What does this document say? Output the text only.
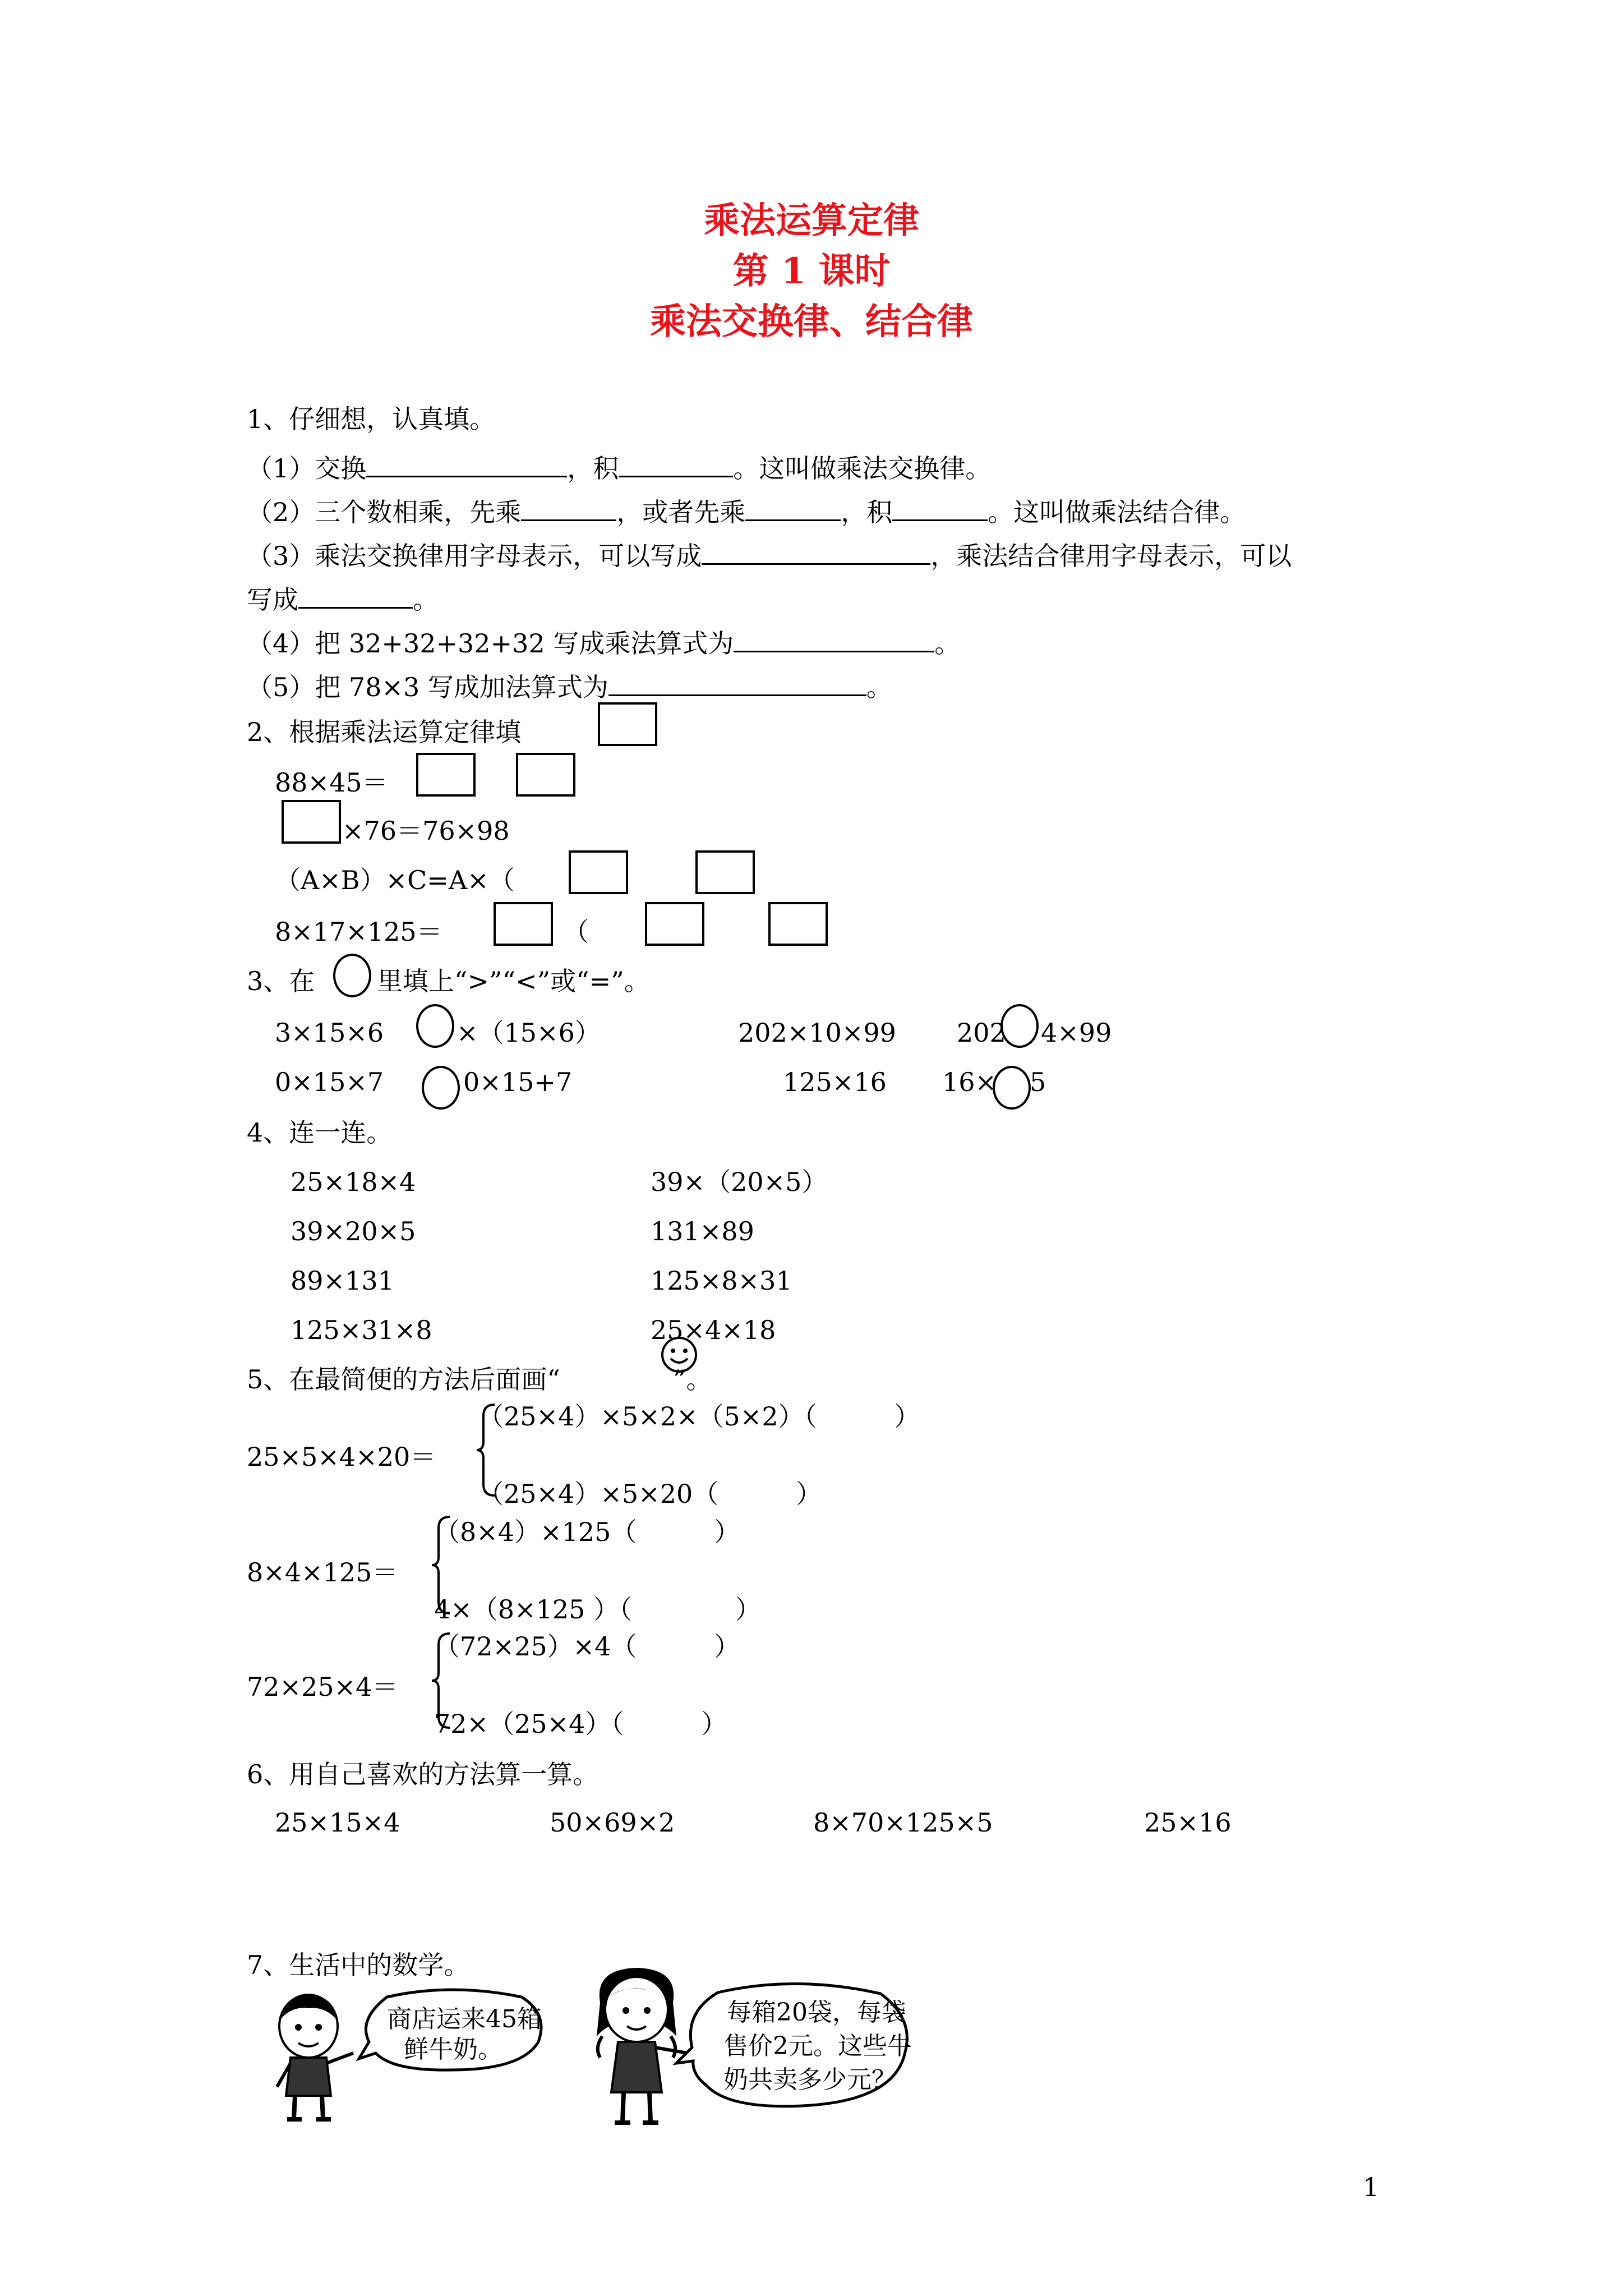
乘法运算定律
第 1 课时
乘法交换律、结合律
1、仔细想，认真填。
（1）交换	，积	。这叫做乘法交换律。
（2）三个数相乘，先乘	，或者先乘	，积	。这叫做乘法结合律。
（3）乘法交换律用字母表示，可以写成	，乘法结合律用字母表示，可以
写成	。
（4）把 32+32+32+32 写成乘法算式为	。
（5）把 78×3 写成加法算式为	。
2、根据乘法运算定律填
88×45＝
×76＝76×98
（A×B）×C=A×（
8×17×125＝	（
3、在 里填上“>”“<”或“=”。
3×15×6	×（15×6）	202×10×99 202 4×99
0×15×7	0×15+7	125×16 16× 5
4、连一连。
25×18×4
39×20×5
89×131
125×31×8
39×（20×5）
131×89
125×8×31
25×4×18
5、在最简便的方法后面画“	”。
25×5×4×20＝
（25×4）×5×2×（5×2）（　　　）
（25×4）×5×20（　　　）
8×4×125＝
（8×4）×125（　　　）
4×（8×125 ）（　　　　）
72×25×4＝
（72×25）×4（　　　）
72×（25×4）（　　　）
6、用自己喜欢的方法算一算。
25×15×4	50×69×2	8×70×125×5	25×16
7、生活中的数学。
商店运来45箱
鲜牛奶。
每箱20袋，每袋
售价2元。这些牛
奶共卖多少元？
1
